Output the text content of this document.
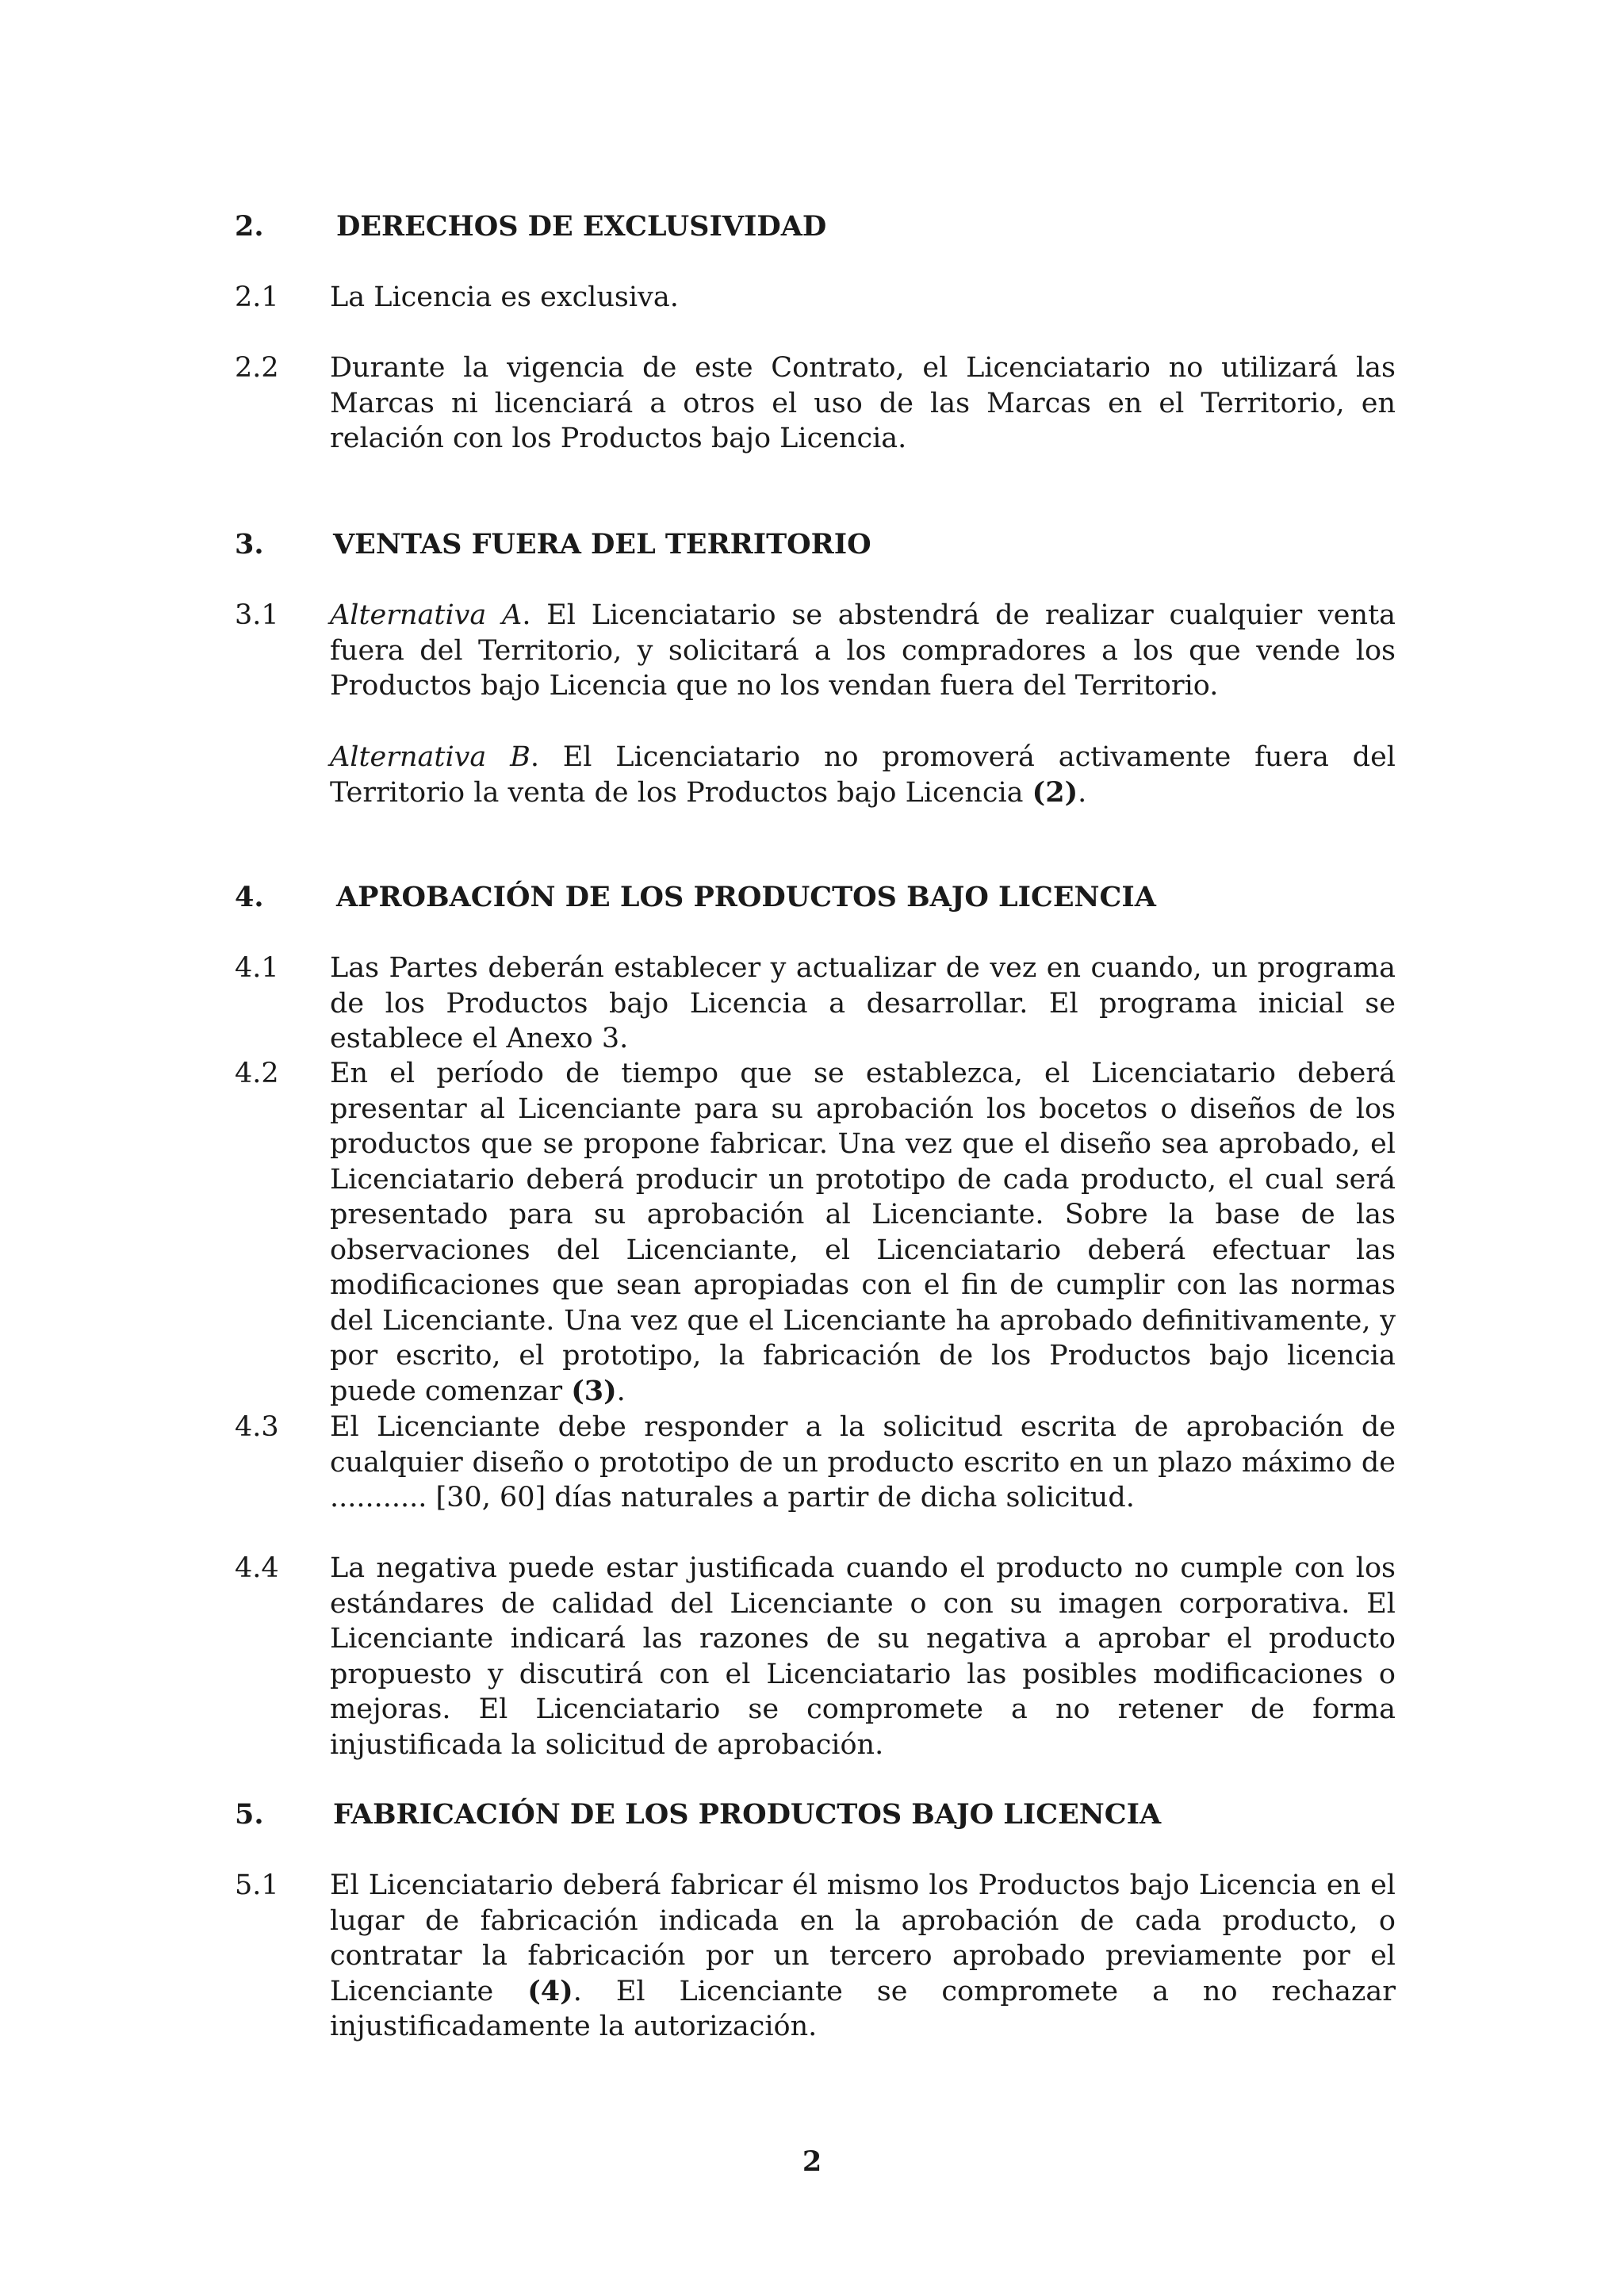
2.	DERECHOS DE EXCLUSIVIDAD
2.1 La Licencia es exclusiva.
2.2 Durante la vigencia de este Contrato, el Licenciatario no utilizará las Marcas ni licenciará a otros el uso de las Marcas en el Territorio, en relación con los Productos bajo Licencia.
3. VENTAS FUERA DEL TERRITORIO
3.1 Alternativa A. El Licenciatario se abstendrá de realizar cualquier venta fuera del Territorio, y solicitará a los compradores a los que vende los Productos bajo Licencia que no los vendan fuera del Territorio.
Alternativa B. El Licenciatario no promoverá activamente fuera del Territorio la venta de los Productos bajo Licencia (2).
4.	APROBACIÓN DE LOS PRODUCTOS BAJO LICENCIA
4.1 Las Partes deberán establecer y actualizar de vez en cuando, un programa de los Productos bajo Licencia a desarrollar. El programa inicial se establece el Anexo 3.
4.2 En el período de tiempo que se establezca, el Licenciatario deberá presentar al Licenciante para su aprobación los bocetos o diseños de los productos que se propone fabricar. Una vez que el diseño sea aprobado, el Licenciatario deberá producir un prototipo de cada producto, el cual será presentado para su aprobación al Licenciante. Sobre la base de las observaciones del Licenciante, el Licenciatario deberá efectuar las modificaciones que sean apropiadas con el fin de cumplir con las normas del Licenciante. Una vez que el Licenciante ha aprobado definitivamente, y por escrito, el prototipo, la fabricación de los Productos bajo licencia puede comenzar (3).
4.3 El Licenciante debe responder a la solicitud escrita de aprobación de cualquier diseño o prototipo de un producto escrito en un plazo máximo de ........... [30, 60] días naturales a partir de dicha solicitud.
4.4 La negativa puede estar justificada cuando el producto no cumple con los estándares de calidad del Licenciante o con su imagen corporativa. El Licenciante indicará las razones de su negativa a aprobar el producto propuesto y discutirá con el Licenciatario las posibles modificaciones o mejoras. El Licenciatario se compromete a no retener de forma injustificada la solicitud de aprobación.
5. FABRICACIÓN DE LOS PRODUCTOS BAJO LICENCIA
5.1 El Licenciatario deberá fabricar él mismo los Productos bajo Licencia en el lugar de fabricación indicada en la aprobación de cada producto, o contratar la fabricación por un tercero aprobado previamente por el Licenciante (4). El Licenciante se compromete a no rechazar injustificadamente la autorización.
2
